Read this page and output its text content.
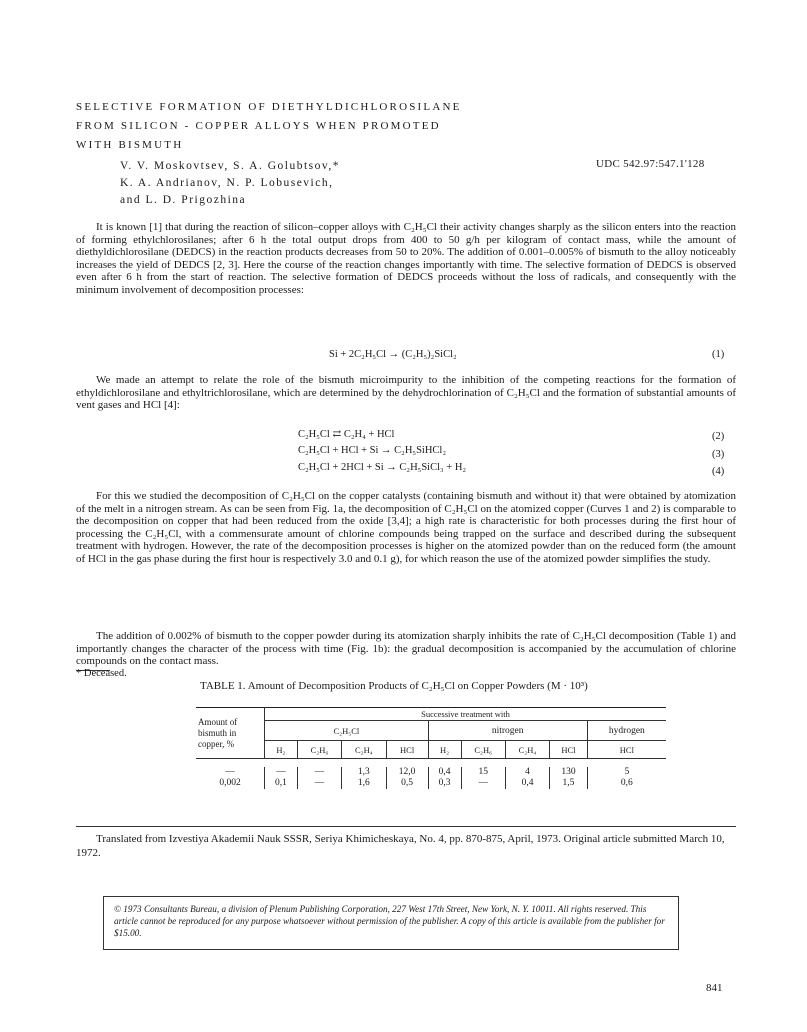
SELECTIVE FORMATION OF DIETHYLDICHLOROSILANE
FROM SILICON - COPPER ALLOYS WHEN PROMOTED
WITH BISMUTH
V. V. Moskovtsev, S. A. Golubtsov,*
K. A. Andrianov, N. P. Lobusevich,
and L. D. Prigozhina
UDC 542.97:547.1'128

It is known [1] that during the reaction of silicon–copper alloys with C₂H₅Cl their activity changes sharply as the silicon enters into the reaction of forming ethylchlorosilanes; after 6 h the total output drops from 400 to 50 g/h per kilogram of contact mass, while the amount of diethyldichlorosilane (DEDCS) in the reaction products decreases from 50 to 20%. The addition of 0.001–0.005% of bismuth to the alloy noticeably increases the yield of DEDCS [2, 3]. Here the course of the reaction changes importantly with time. The selective formation of DEDCS is observed even after 6 h from the start of reaction. The selective formation of DEDCS proceeds without the loss of radicals, and consequently with the minimum involvement of decomposition processes:

Si + 2C₂H₅Cl → (C₂H₅)₂SiCl₂	(1)

We made an attempt to relate the role of the bismuth microimpurity to the inhibition of the competing reactions for the formation of ethyldichlorosilane and ethyltrichlorosilane, which are determined by the dehydrochlorination of C₂H₅Cl and the formation of substantial amounts of vent gases and HCl [4]:

C₂H₅Cl ⇄ C₂H₄ + HCl	(2)
C₂H₅Cl + HCl + Si → C₂H₅SiHCl₂	(3)
C₂H₅Cl + 2HCl + Si → C₂H₅SiCl₃ + H₂	(4)

For this we studied the decomposition of C₂H₅Cl on the copper catalysts (containing bismuth and without it) that were obtained by atomization of the melt in a nitrogen stream. As can be seen from Fig. 1a, the decomposition of C₂H₅Cl on the atomized copper (Curves 1 and 2) is comparable to the decomposition on copper that had been reduced from the oxide [3,4]; a high rate is characteristic for both processes during the first hour of processing the C₂H₅Cl, with a commensurate amount of chlorine compounds being trapped on the surface and described during the subsequent treatment with hydrogen. However, the rate of the decomposition processes is higher on the atomized powder than on the reduced form (the amount of HCl in the gas phase during the first hour is respectively 3.0 and 0.1 g), for which reason the use of the atomized powder simplifies the study.

The addition of 0.002% of bismuth to the copper powder during its atomization sharply inhibits the rate of C₂H₅Cl decomposition (Table 1) and importantly changes the character of the process with time (Fig. 1b): the gradual decomposition is accompanied by the accumulation of chlorine compounds on the contact mass.

* Deceased.
TABLE 1. Amount of Decomposition Products of C₂H₅Cl on Copper Powders (M · 10³)
Amount of
bismuth in
copper, %	Successive treatment with								
	C₂H₅Cl				nitrogen				hydrogen
	H₂	C₂H₆	C₂H₄	HCl	H₂	C₂H₆	C₂H₄	HCl	HCl

—	—	—	1,3	12,0	0,4	15	4	130	5
0,002	0,1	—	1,6	0,5	0,3	—	0,4	1,5	0,6

Translated from Izvestiya Akademii Nauk SSSR, Seriya Khimicheskaya, No. 4, pp. 870-875, April, 1973. Original article submitted March 10, 1972.

© 1973 Consultants Bureau, a division of Plenum Publishing Corporation, 227 West 17th Street, New York, N. Y. 10011. All rights reserved. This article cannot be reproduced for any purpose whatsoever without permission of the publisher. A copy of this article is available from the publisher for $15.00.
841
